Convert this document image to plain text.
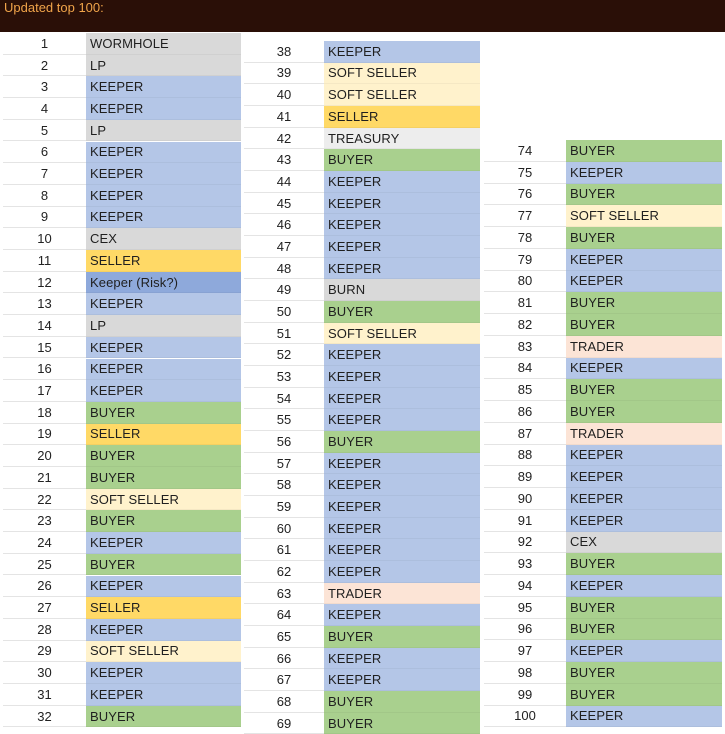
Updated top 100:
1	WORMHOLE
2	LP
3	KEEPER
4	KEEPER
5	LP
6	KEEPER
7	KEEPER
8	KEEPER
9	KEEPER
10	CEX
11	SELLER
12	Keeper (Risk?)
13	KEEPER
14	LP
15	KEEPER
16	KEEPER
17	KEEPER
18	BUYER
19	SELLER
20	BUYER
21	BUYER
22	SOFT SELLER
23	BUYER
24	KEEPER
25	BUYER
26	KEEPER
27	SELLER
28	KEEPER
29	SOFT SELLER
30	KEEPER
31	KEEPER
32	BUYER
38	KEEPER
39	SOFT SELLER
40	SOFT SELLER
41	SELLER
42	TREASURY
43	BUYER
44	KEEPER
45	KEEPER
46	KEEPER
47	KEEPER
48	KEEPER
49	BURN
50	BUYER
51	SOFT SELLER
52	KEEPER
53	KEEPER
54	KEEPER
55	KEEPER
56	BUYER
57	KEEPER
58	KEEPER
59	KEEPER
60	KEEPER
61	KEEPER
62	KEEPER
63	TRADER
64	KEEPER
65	BUYER
66	KEEPER
67	KEEPER
68	BUYER
69	BUYER
74	BUYER
75	KEEPER
76	BUYER
77	SOFT SELLER
78	BUYER
79	KEEPER
80	KEEPER
81	BUYER
82	BUYER
83	TRADER
84	KEEPER
85	BUYER
86	BUYER
87	TRADER
88	KEEPER
89	KEEPER
90	KEEPER
91	KEEPER
92	CEX
93	BUYER
94	KEEPER
95	BUYER
96	BUYER
97	KEEPER
98	BUYER
99	BUYER
100	KEEPER
